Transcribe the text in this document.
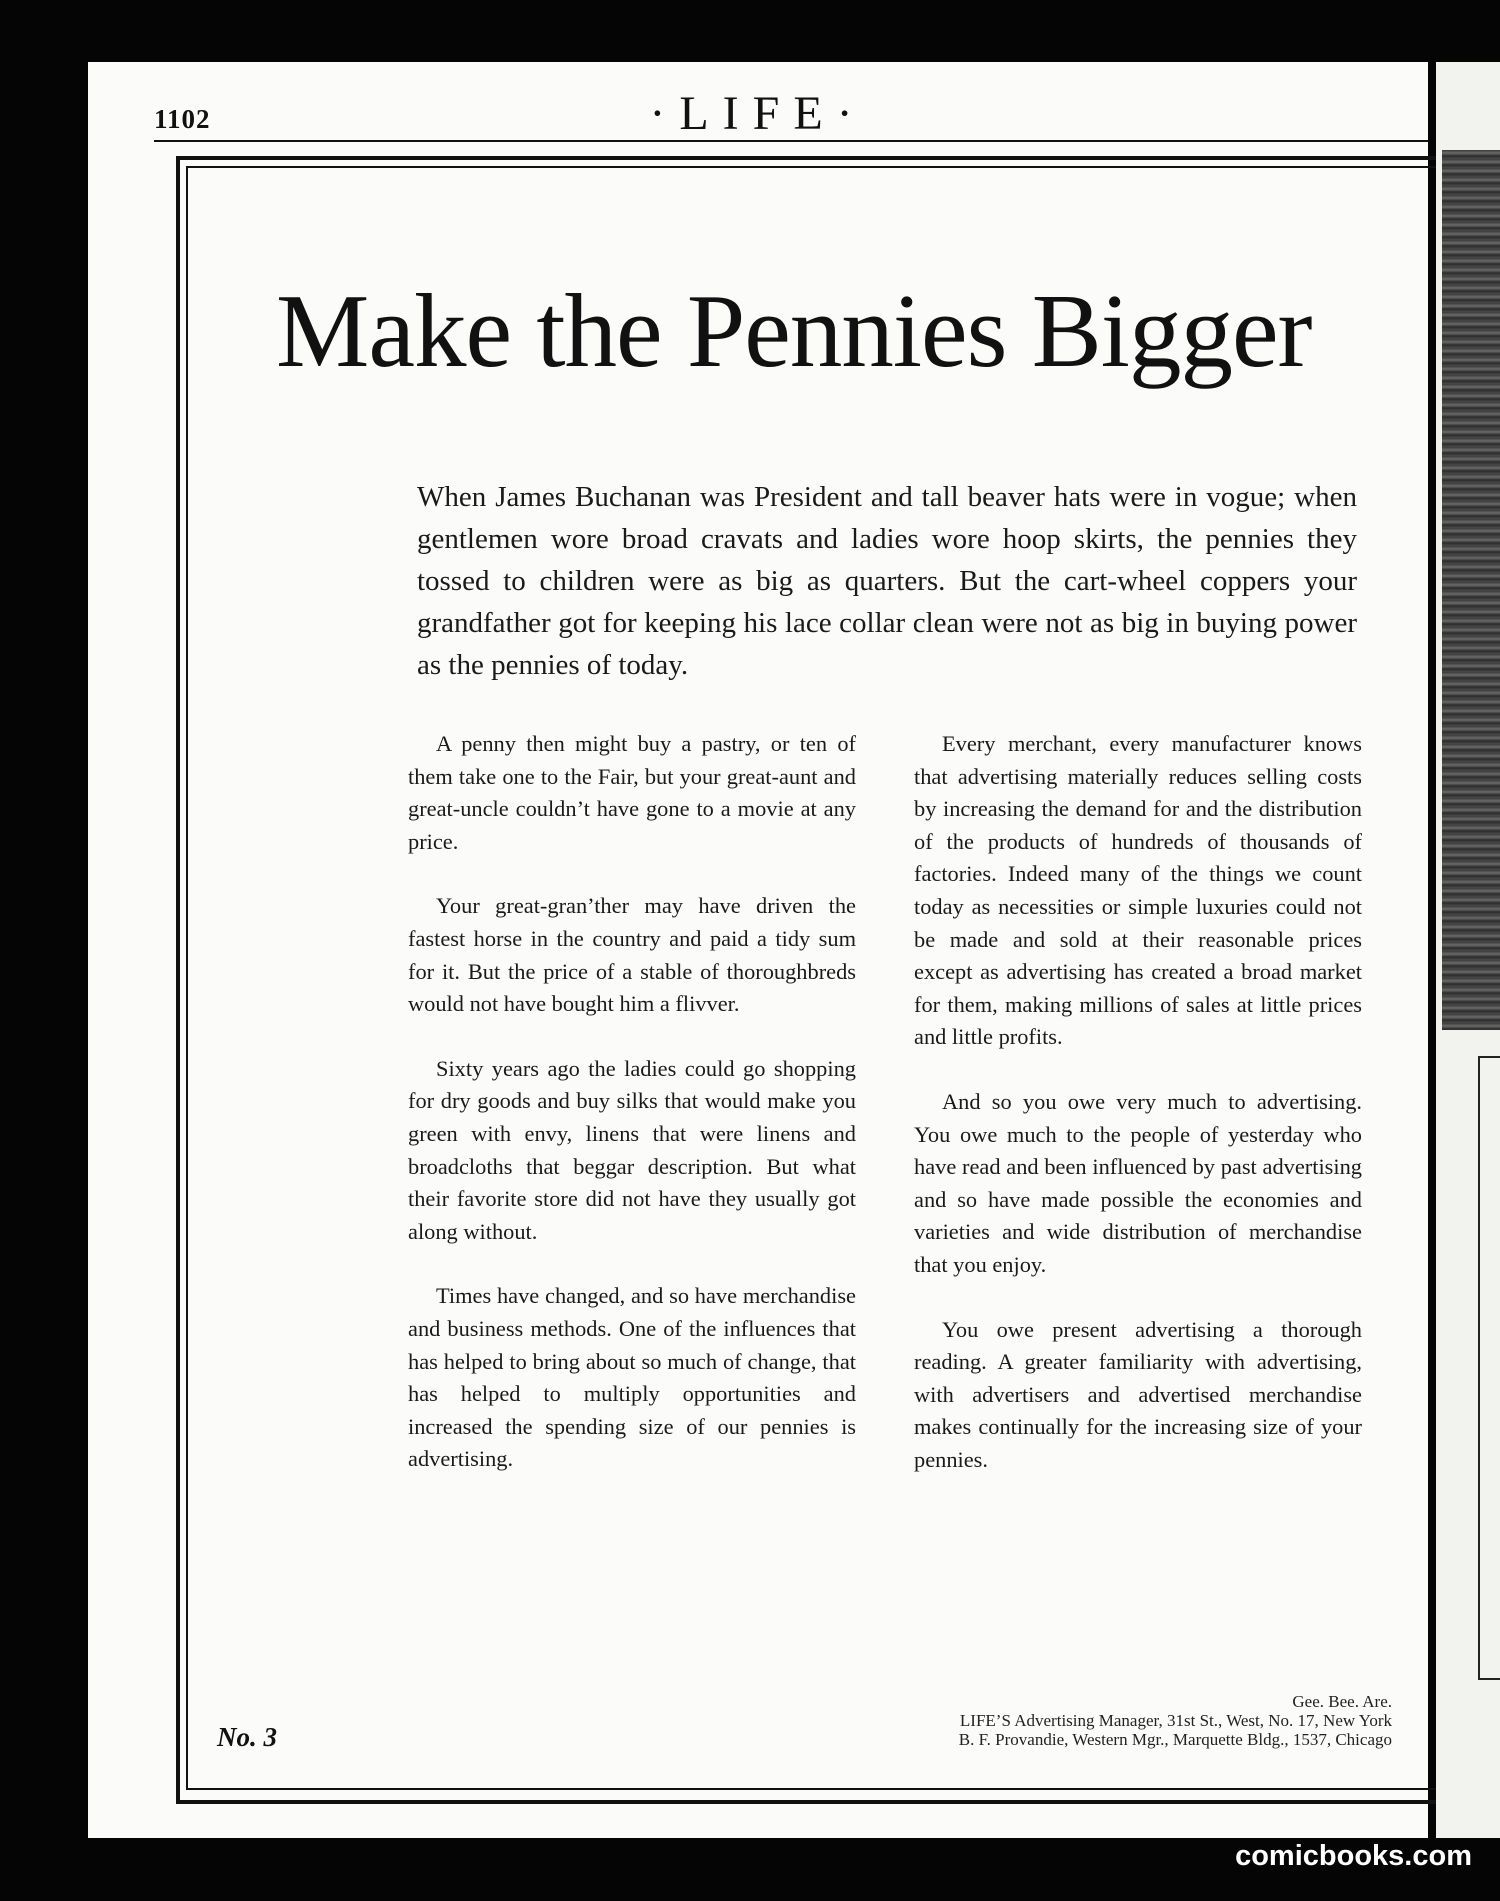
1102	·LIFE·
Make the Pennies Bigger

When James Buchanan was President and tall beaver hats were in vogue; when gentlemen wore broad cravats and ladies wore hoop skirts, the pennies they tossed to children were as big as quarters. But the cart-wheel coppers your grandfather got for keeping his lace collar clean were not as big in buying power as the pennies of today.

A penny then might buy a pastry, or ten of them take one to the Fair, but your great-aunt and great-uncle couldn’t have gone to a movie at any price.

Your great-gran’ther may have driven the fastest horse in the country and paid a tidy sum for it. But the price of a stable of thoroughbreds would not have bought him a flivver.

Sixty years ago the ladies could go shopping for dry goods and buy silks that would make you green with envy, linens that were linens and broadcloths that beggar description. But what their favorite store did not have they usually got along without.

Times have changed, and so have merchandise and business methods. One of the influences that has helped to bring about so much of change, that has helped to multiply opportunities and increased the spending size of our pennies is advertising.

Every merchant, every manufacturer knows that advertising materially reduces selling costs by increasing the demand for and the distribution of the products of hundreds of thousands of factories. Indeed many of the things we count today as necessities or simple luxuries could not be made and sold at their reasonable prices except as advertising has created a broad market for them, making millions of sales at little prices and little profits.

And so you owe very much to advertising. You owe much to the people of yesterday who have read and been influenced by past advertising and so have made possible the economies and varieties and wide distribution of merchandise that you enjoy.

You owe present advertising a thorough reading. A greater familiarity with advertising, with advertisers and advertised merchandise makes continually for the increasing size of your pennies.

Gee. Bee. Are.
LIFE’S Advertising Manager, 31st St., West, No. 17, New York
B. F. Provandie, Western Mgr., Marquette Bldg., 1537, Chicago
No. 3
comicbooks.com
